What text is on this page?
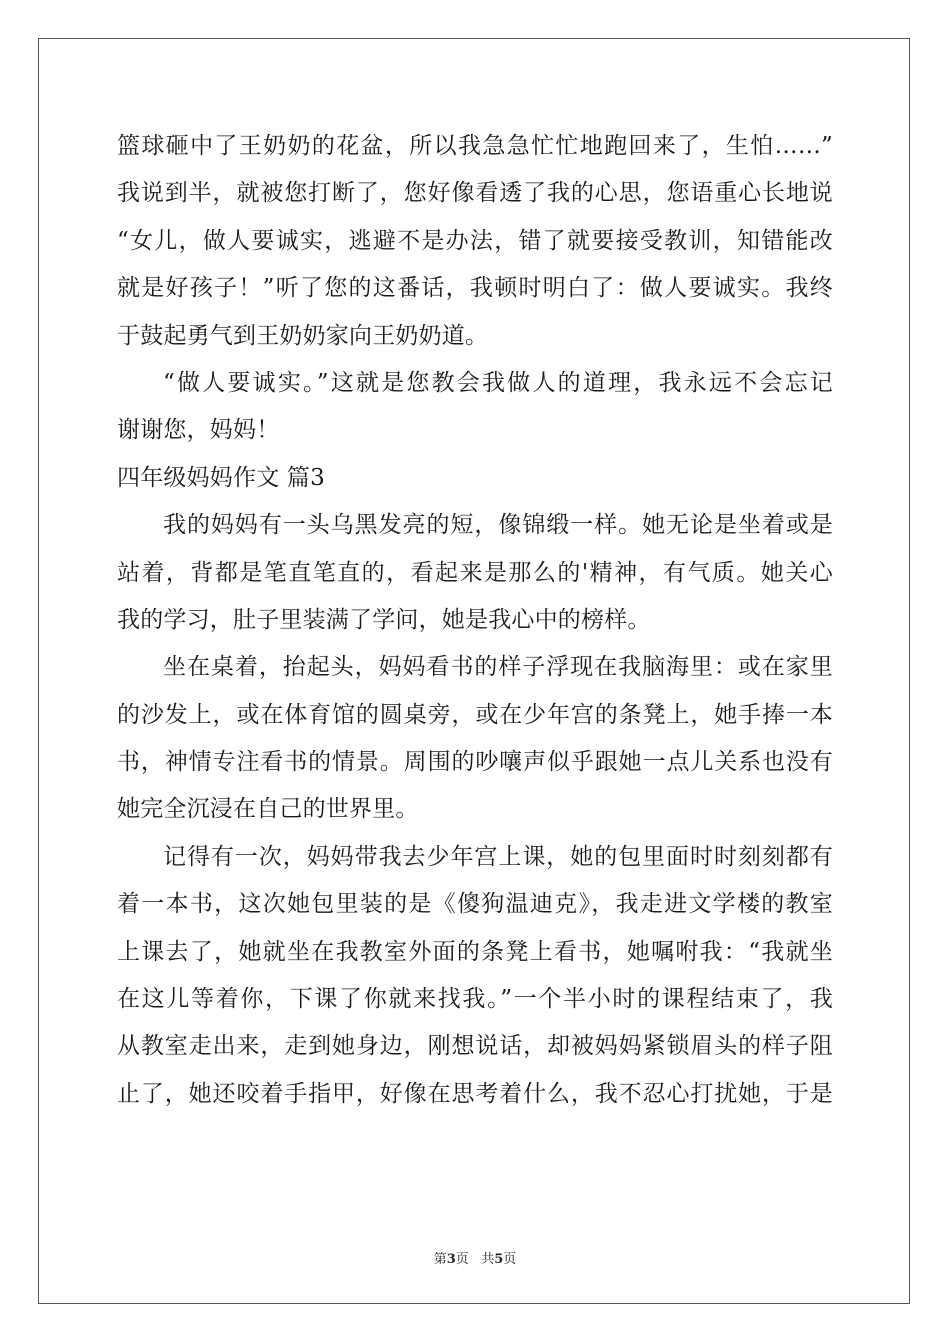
篮球砸中了王奶奶的花盆，所以我急急忙忙地跑回来了，生怕……”
我说到半，就被您打断了，您好像看透了我的心思，您语重心长地说
“女儿，做人要诚实，逃避不是办法，错了就要接受教训，知错能改
就是好孩子！”听了您的这番话，我顿时明白了：做人要诚实。我终
于鼓起勇气到王奶奶家向王奶奶道。
“做人要诚实。”这就是您教会我做人的道理，我永远不会忘记
谢谢您，妈妈！
四年级妈妈作文 篇3
我的妈妈有一头乌黑发亮的短，像锦缎一样。她无论是坐着或是
站着，背都是笔直笔直的，看起来是那么的'精神，有气质。她关心
我的学习，肚子里装满了学问，她是我心中的榜样。
坐在桌着，抬起头，妈妈看书的样子浮现在我脑海里：或在家里
的沙发上，或在体育馆的圆桌旁，或在少年宫的条凳上，她手捧一本
书，神情专注看书的情景。周围的吵嚷声似乎跟她一点儿关系也没有
她完全沉浸在自己的世界里。
记得有一次，妈妈带我去少年宫上课，她的包里面时时刻刻都有
着一本书，这次她包里装的是《傻狗温迪克》，我走进文学楼的教室
上课去了，她就坐在我教室外面的条凳上看书，她嘱咐我：“我就坐
在这儿等着你，下课了你就来找我。”一个半小时的课程结束了，我
从教室走出来，走到她身边，刚想说话，却被妈妈紧锁眉头的样子阻
止了，她还咬着手指甲，好像在思考着什么，我不忍心打扰她，于是
第3页 共5页
